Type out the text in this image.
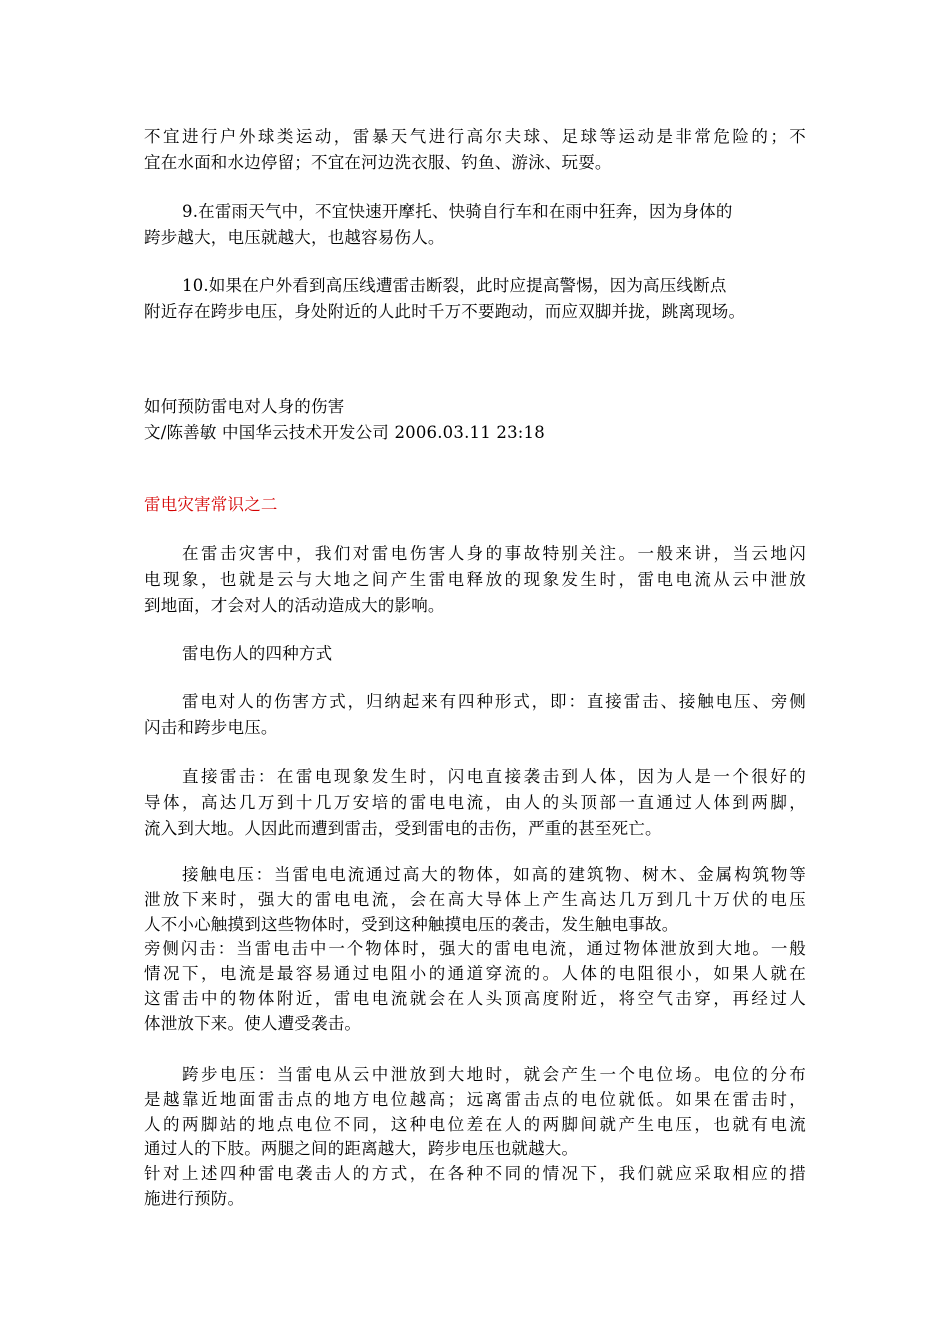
不宜进行户外球类运动，雷暴天气进行高尔夫球、足球等运动是非常危险的；不
宜在水面和水边停留；不宜在河边洗衣服、钓鱼、游泳、玩耍。
9.在雷雨天气中，不宜快速开摩托、快骑自行车和在雨中狂奔，因为身体的
跨步越大，电压就越大，也越容易伤人。
10.如果在户外看到高压线遭雷击断裂，此时应提高警惕，因为高压线断点
附近存在跨步电压，身处附近的人此时千万不要跑动，而应双脚并拢，跳离现场。
如何预防雷电对人身的伤害
文/陈善敏 中国华云技术开发公司 2006.03.11 23:18
雷电灾害常识之二
在雷击灾害中，我们对雷电伤害人身的事故特别关注。一般来讲，当云地闪
电现象，也就是云与大地之间产生雷电释放的现象发生时，雷电电流从云中泄放
到地面，才会对人的活动造成大的影响。
雷电伤人的四种方式
雷电对人的伤害方式，归纳起来有四种形式，即：直接雷击、接触电压、旁侧
闪击和跨步电压。
直接雷击：在雷电现象发生时，闪电直接袭击到人体，因为人是一个很好的
导体，高达几万到十几万安培的雷电电流，由人的头顶部一直通过人体到两脚，
流入到大地。人因此而遭到雷击，受到雷电的击伤，严重的甚至死亡。
接触电压：当雷电电流通过高大的物体，如高的建筑物、树木、金属构筑物等
泄放下来时，强大的雷电电流，会在高大导体上产生高达几万到几十万伏的电压
人不小心触摸到这些物体时，受到这种触摸电压的袭击，发生触电事故。
旁侧闪击：当雷电击中一个物体时，强大的雷电电流，通过物体泄放到大地。一般
情况下，电流是最容易通过电阻小的通道穿流的。人体的电阻很小，如果人就在
这雷击中的物体附近，雷电电流就会在人头顶高度附近，将空气击穿，再经过人
体泄放下来。使人遭受袭击。
跨步电压：当雷电从云中泄放到大地时，就会产生一个电位场。电位的分布
是越靠近地面雷击点的地方电位越高；远离雷击点的电位就低。如果在雷击时，
人的两脚站的地点电位不同，这种电位差在人的两脚间就产生电压，也就有电流
通过人的下肢。两腿之间的距离越大，跨步电压也就越大。
针对上述四种雷电袭击人的方式，在各种不同的情况下，我们就应采取相应的措
施进行预防。
